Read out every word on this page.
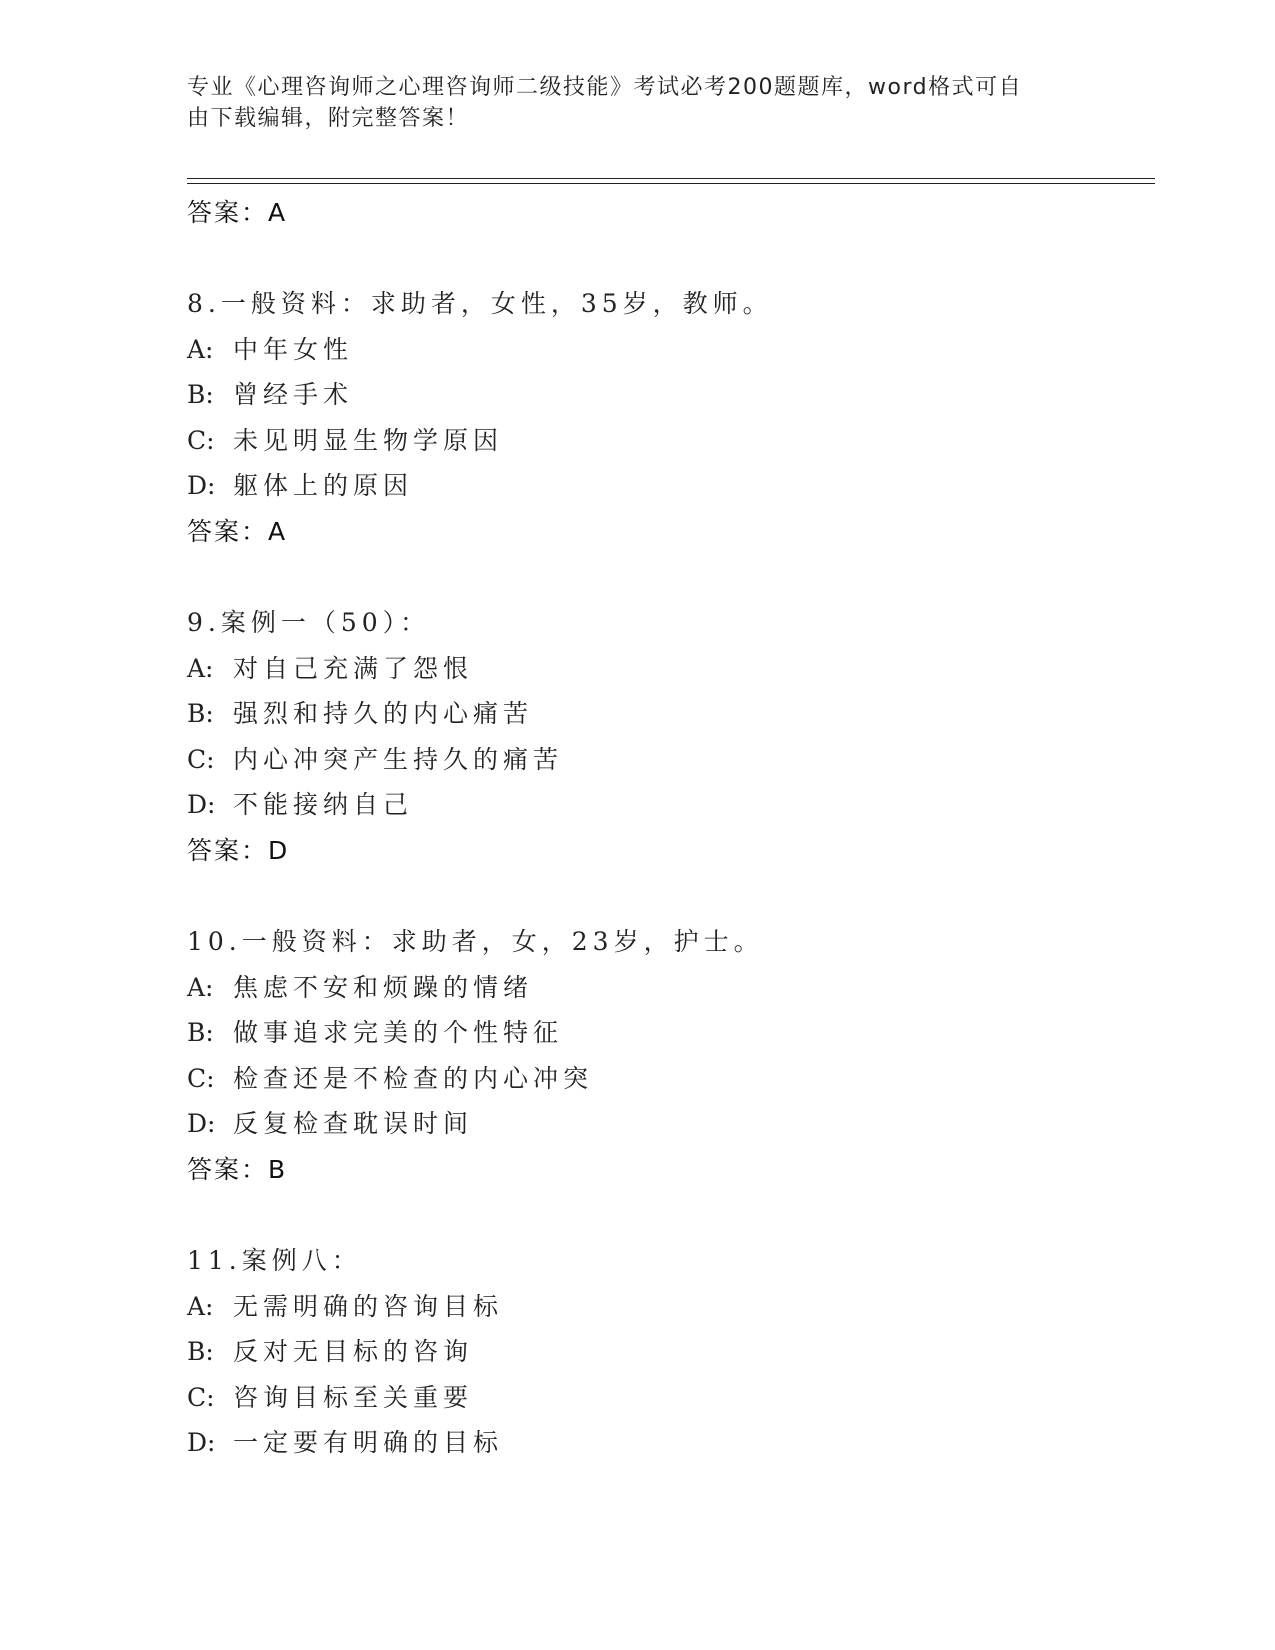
专业《心理咨询师之心理咨询师二级技能》考试必考200题题库，word格式可自
由下载编辑，附完整答案！
答案：A
8.一般资料：求助者，女性，35岁，教师。
A: 中年女性
B: 曾经手术
C: 未见明显生物学原因
D: 躯体上的原因
答案：A
9.案例一（50）：
A: 对自己充满了怨恨
B: 强烈和持久的内心痛苦
C: 内心冲突产生持久的痛苦
D: 不能接纳自己
答案：D
10.一般资料：求助者，女，23岁，护士。
A: 焦虑不安和烦躁的情绪
B: 做事追求完美的个性特征
C: 检查还是不检查的内心冲突
D: 反复检查耽误时间
答案：B
11.案例八：
A: 无需明确的咨询目标
B: 反对无目标的咨询
C: 咨询目标至关重要
D: 一定要有明确的目标
